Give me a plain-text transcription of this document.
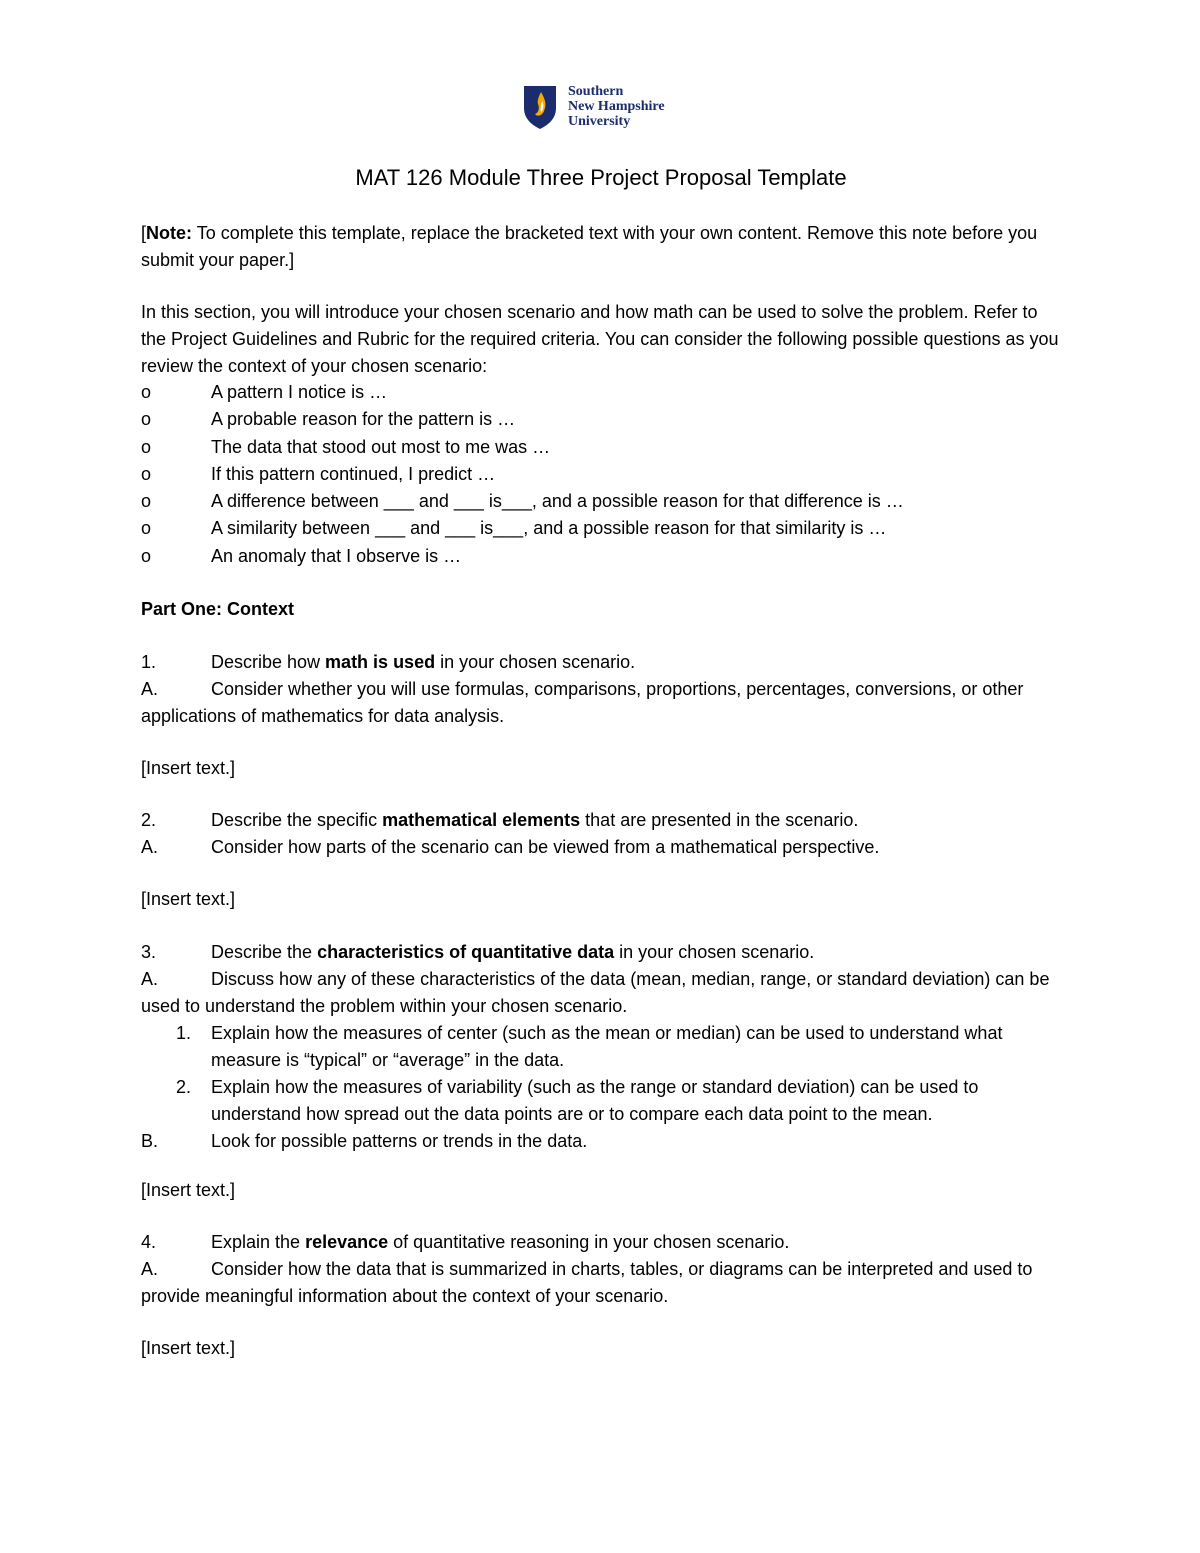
Southern
New Hampshire
University
MAT 126 Module Three Project Proposal Template

[Note: To complete this template, replace the bracketed text with your own content. Remove this note before you submit your paper.]

In this section, you will introduce your chosen scenario and how math can be used to solve the problem. Refer to the Project Guidelines and Rubric for the required criteria. You can consider the following possible questions as you review the context of your chosen scenario:

o	A pattern I notice is …
o	A probable reason for the pattern is …
o	The data that stood out most to me was …
o	If this pattern continued, I predict …
o	A difference between ___ and ___ is___, and a possible reason for that difference is …
o	A similarity between ___ and ___ is___, and a possible reason for that similarity is …
o	An anomaly that I observe is …

Part One: Context

1.	Describe how math is used in your chosen scenario.

A.	Consider whether you will use formulas, comparisons, proportions, percentages, conversions, or other applications of mathematics for data analysis.

[Insert text.]

2.	Describe the specific mathematical elements that are presented in the scenario.

A.	Consider how parts of the scenario can be viewed from a mathematical perspective.

[Insert text.]

3.	Describe the characteristics of quantitative data in your chosen scenario.

A.	Discuss how any of these characteristics of the data (mean, median, range, or standard deviation) can be used to understand the problem within your chosen scenario.

1.	Explain how the measures of center (such as the mean or median) can be used to understand what measure is “typical” or “average” in the data.
2.	Explain how the measures of variability (such as the range or standard deviation) can be used to understand how spread out the data points are or to compare each data point to the mean.
B.	Look for possible patterns or trends in the data.

[Insert text.]

4.	Explain the relevance of quantitative reasoning in your chosen scenario.

A.	Consider how the data that is summarized in charts, tables, or diagrams can be interpreted and used to provide meaningful information about the context of your scenario.

[Insert text.]
